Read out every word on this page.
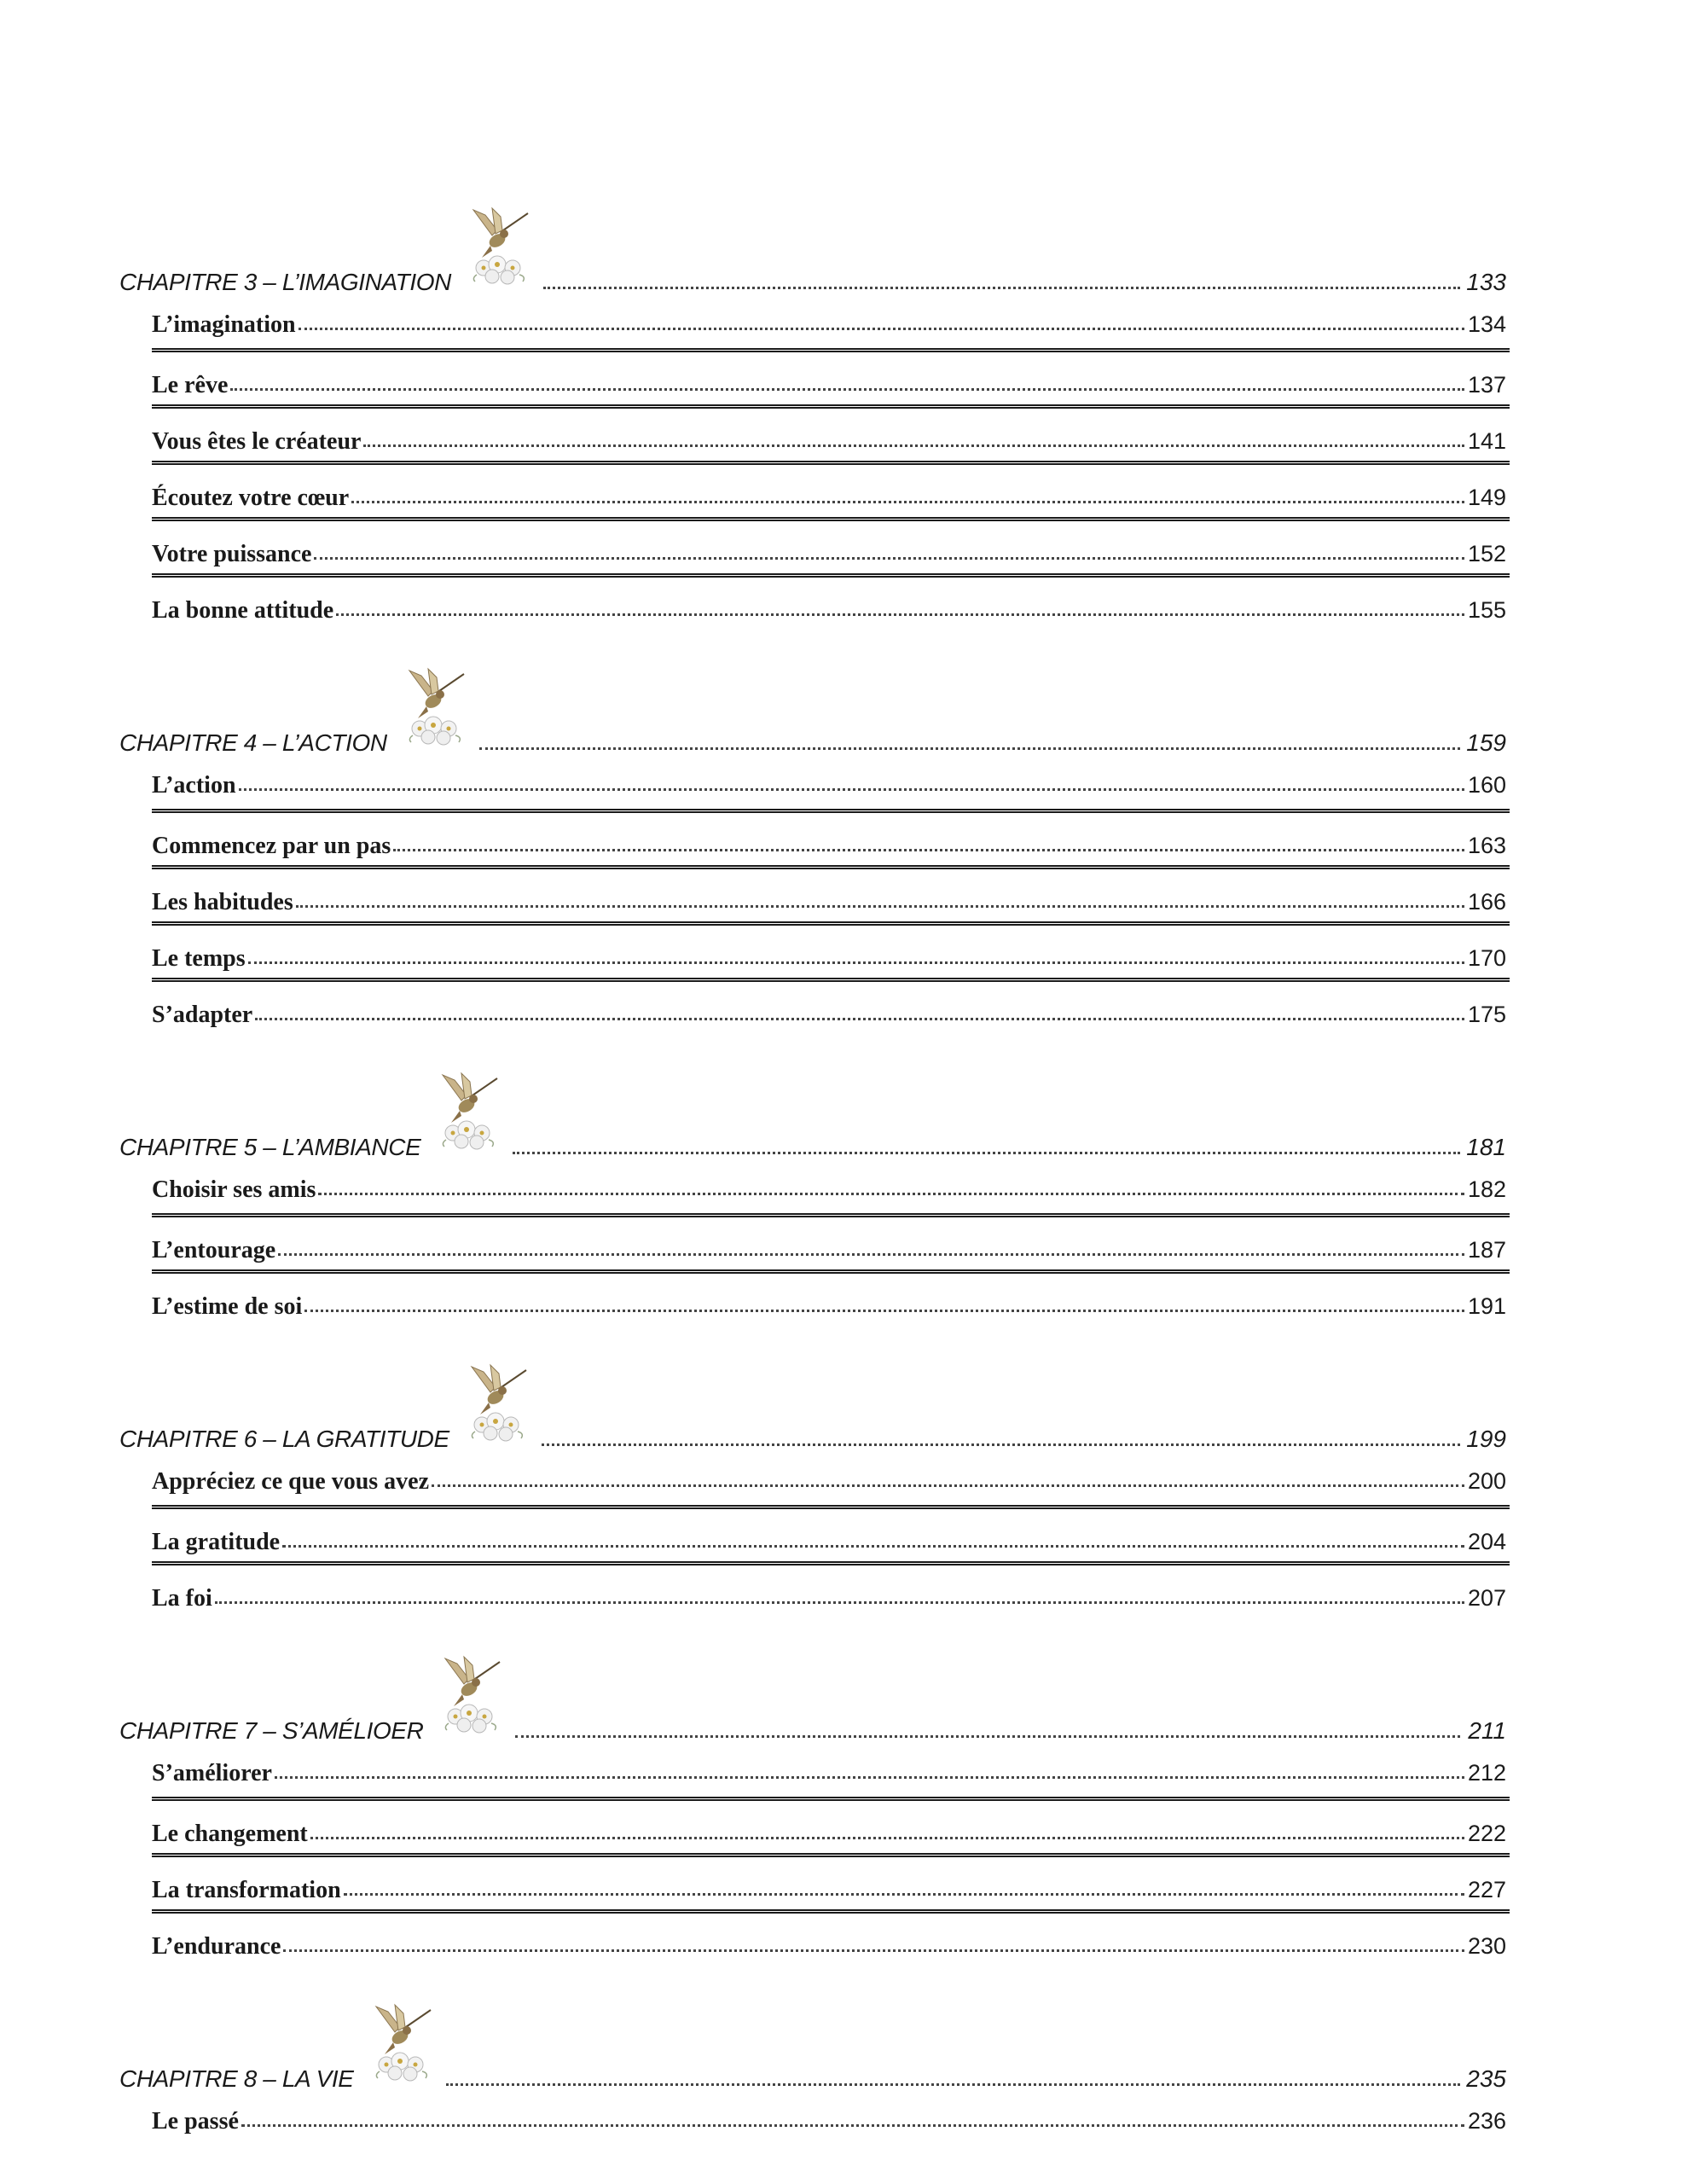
CHAPITRE 3 – L’IMAGINATION	133
L’imagination	134
Le rêve	137
Vous êtes le créateur	141
Écoutez votre cœur	149
Votre puissance	152
La bonne attitude	155
CHAPITRE 4 – L’ACTION	159
L’action	160
Commencez par un pas	163
Les habitudes	166
Le temps	170
S’adapter	175
CHAPITRE 5 – L’AMBIANCE	181
Choisir ses amis	182
L’entourage	187
L’estime de soi	191
CHAPITRE 6 – LA GRATITUDE	199
Appréciez ce que vous avez	200
La gratitude	204
La foi	207
CHAPITRE 7 – S’AMÉLIOER	211
S’améliorer	212
Le changement	222
La transformation	227
L’endurance	230
CHAPITRE 8 – LA VIE	235
Le passé	236
